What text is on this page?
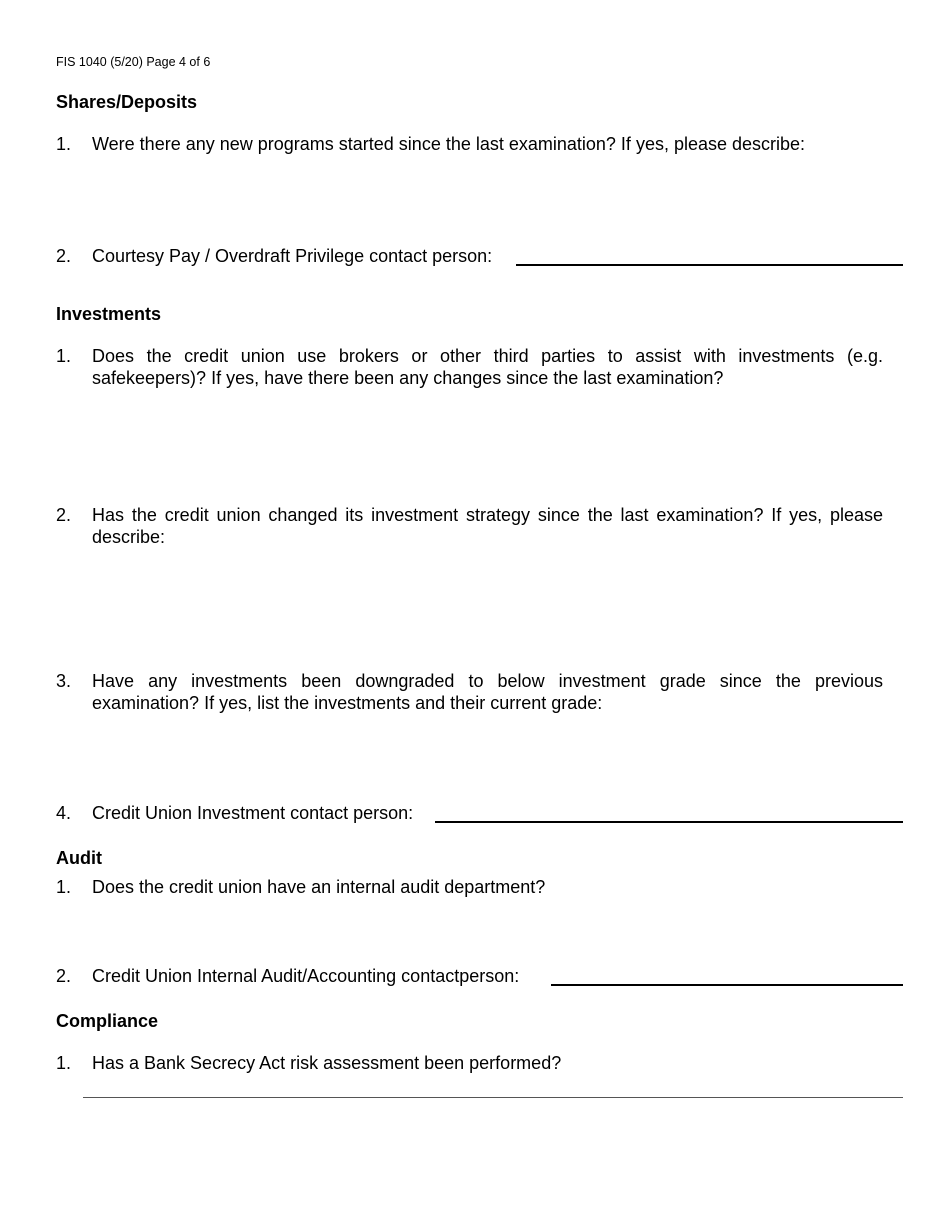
FIS 1040 (5/20) Page 4 of 6
Shares/Deposits
1. Were there any new programs started since the last examination? If yes, please describe:
2. Courtesy Pay / Overdraft Privilege contact person:
Investments
1. Does the credit union use brokers or other third parties to assist with investments (e.g. safekeepers)? If yes, have there been any changes since the last examination?
2. Has the credit union changed its investment strategy since the last examination? If yes, please describe:
3. Have any investments been downgraded to below investment grade since the previous examination? If yes, list the investments and their current grade:
4. Credit Union Investment contact person:
Audit
1. Does the credit union have an internal audit department?
2. Credit Union Internal Audit/Accounting contactperson:
Compliance
1. Has a Bank Secrecy Act risk assessment been performed?
